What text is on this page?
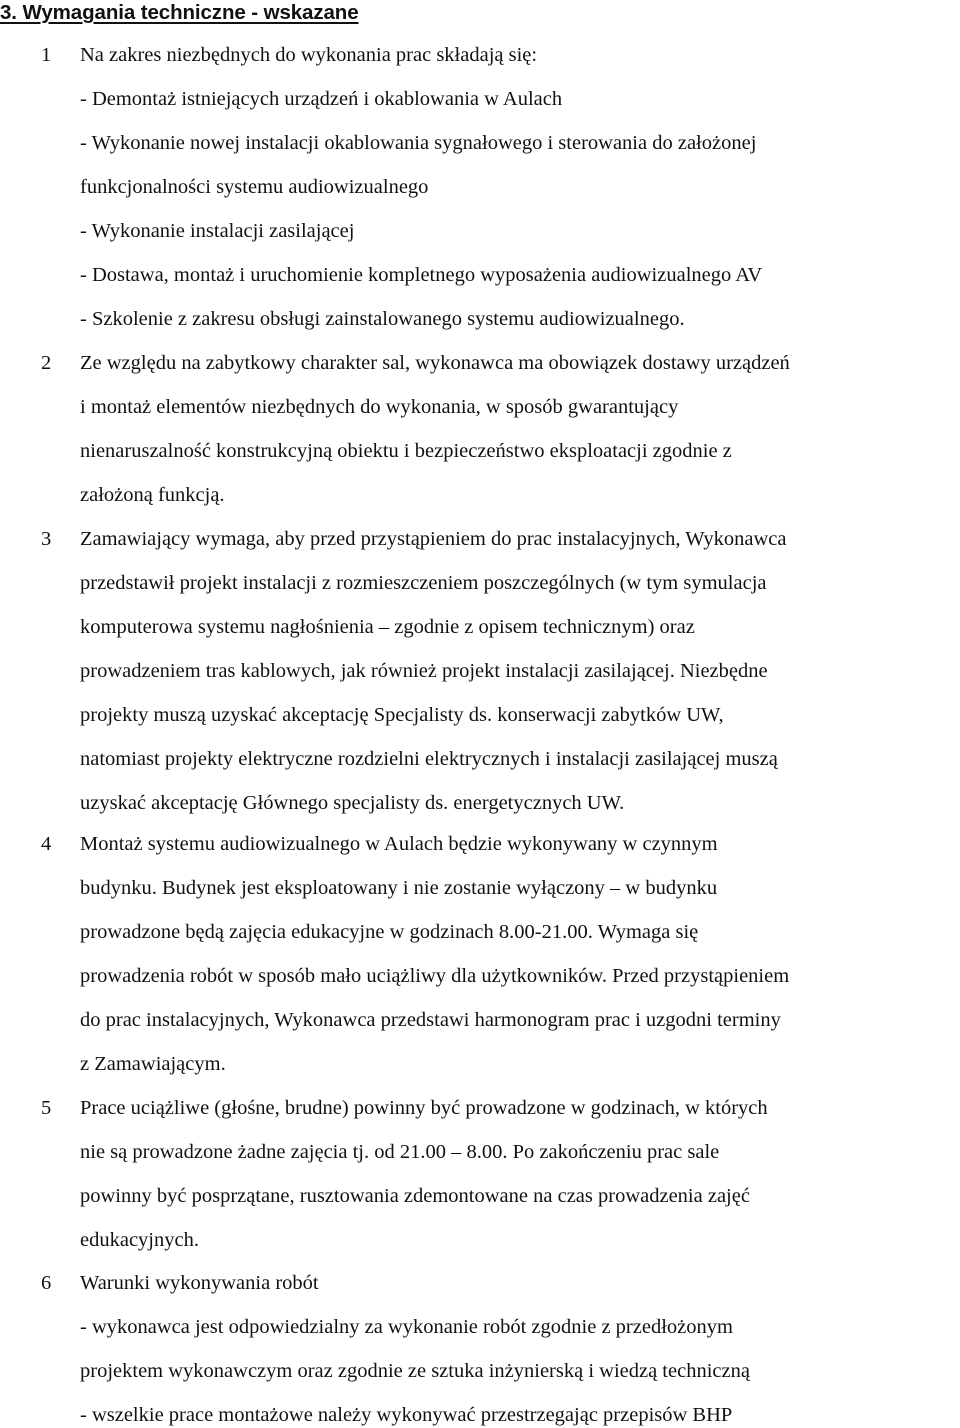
3. Wymagania techniczne - wskazane
1 Na zakres niezbędnych do wykonania prac składają się:
- Demontaż istniejących urządzeń i okablowania w Aulach
- Wykonanie nowej instalacji okablowania sygnałowego i sterowania do założonej
funkcjonalności systemu audiowizualnego
- Wykonanie instalacji zasilającej
- Dostawa, montaż i uruchomienie kompletnego wyposażenia audiowizualnego AV
- Szkolenie z zakresu obsługi zainstalowanego systemu audiowizualnego.
2 Ze względu na zabytkowy charakter sal, wykonawca ma obowiązek dostawy urządzeń
i montaż elementów niezbędnych do wykonania, w sposób gwarantujący
nienaruszalność konstrukcyjną obiektu i bezpieczeństwo eksploatacji zgodnie z
założoną funkcją.
3 Zamawiający wymaga, aby przed przystąpieniem do prac instalacyjnych, Wykonawca
przedstawił projekt instalacji z rozmieszczeniem poszczególnych (w tym symulacja
komputerowa systemu nagłośnienia – zgodnie z opisem technicznym) oraz
prowadzeniem tras kablowych, jak również projekt instalacji zasilającej. Niezbędne
projekty muszą uzyskać akceptację Specjalisty ds. konserwacji zabytków UW,
natomiast projekty elektryczne rozdzielni elektrycznych i instalacji zasilającej muszą
uzyskać akceptację Głównego specjalisty ds. energetycznych UW.
4 Montaż systemu audiowizualnego w Aulach będzie wykonywany w czynnym
budynku. Budynek jest eksploatowany i nie zostanie wyłączony – w budynku
prowadzone będą zajęcia edukacyjne w godzinach 8.00-21.00. Wymaga się
prowadzenia robót w sposób mało uciążliwy dla użytkowników. Przed przystąpieniem
do prac instalacyjnych, Wykonawca przedstawi harmonogram prac i uzgodni terminy
z Zamawiającym.
5 Prace uciążliwe (głośne, brudne) powinny być prowadzone w godzinach, w których
nie są prowadzone żadne zajęcia tj. od 21.00 – 8.00. Po zakończeniu prac sale
powinny być posprzątane, rusztowania zdemontowane na czas prowadzenia zajęć
edukacyjnych.
6 Warunki wykonywania robót
- wykonawca jest odpowiedzialny za wykonanie robót zgodnie z przedłożonym
projektem wykonawczym oraz zgodnie ze sztuka inżynierską i wiedzą techniczną
- wszelkie prace montażowe należy wykonywać przestrzegając przepisów BHP
